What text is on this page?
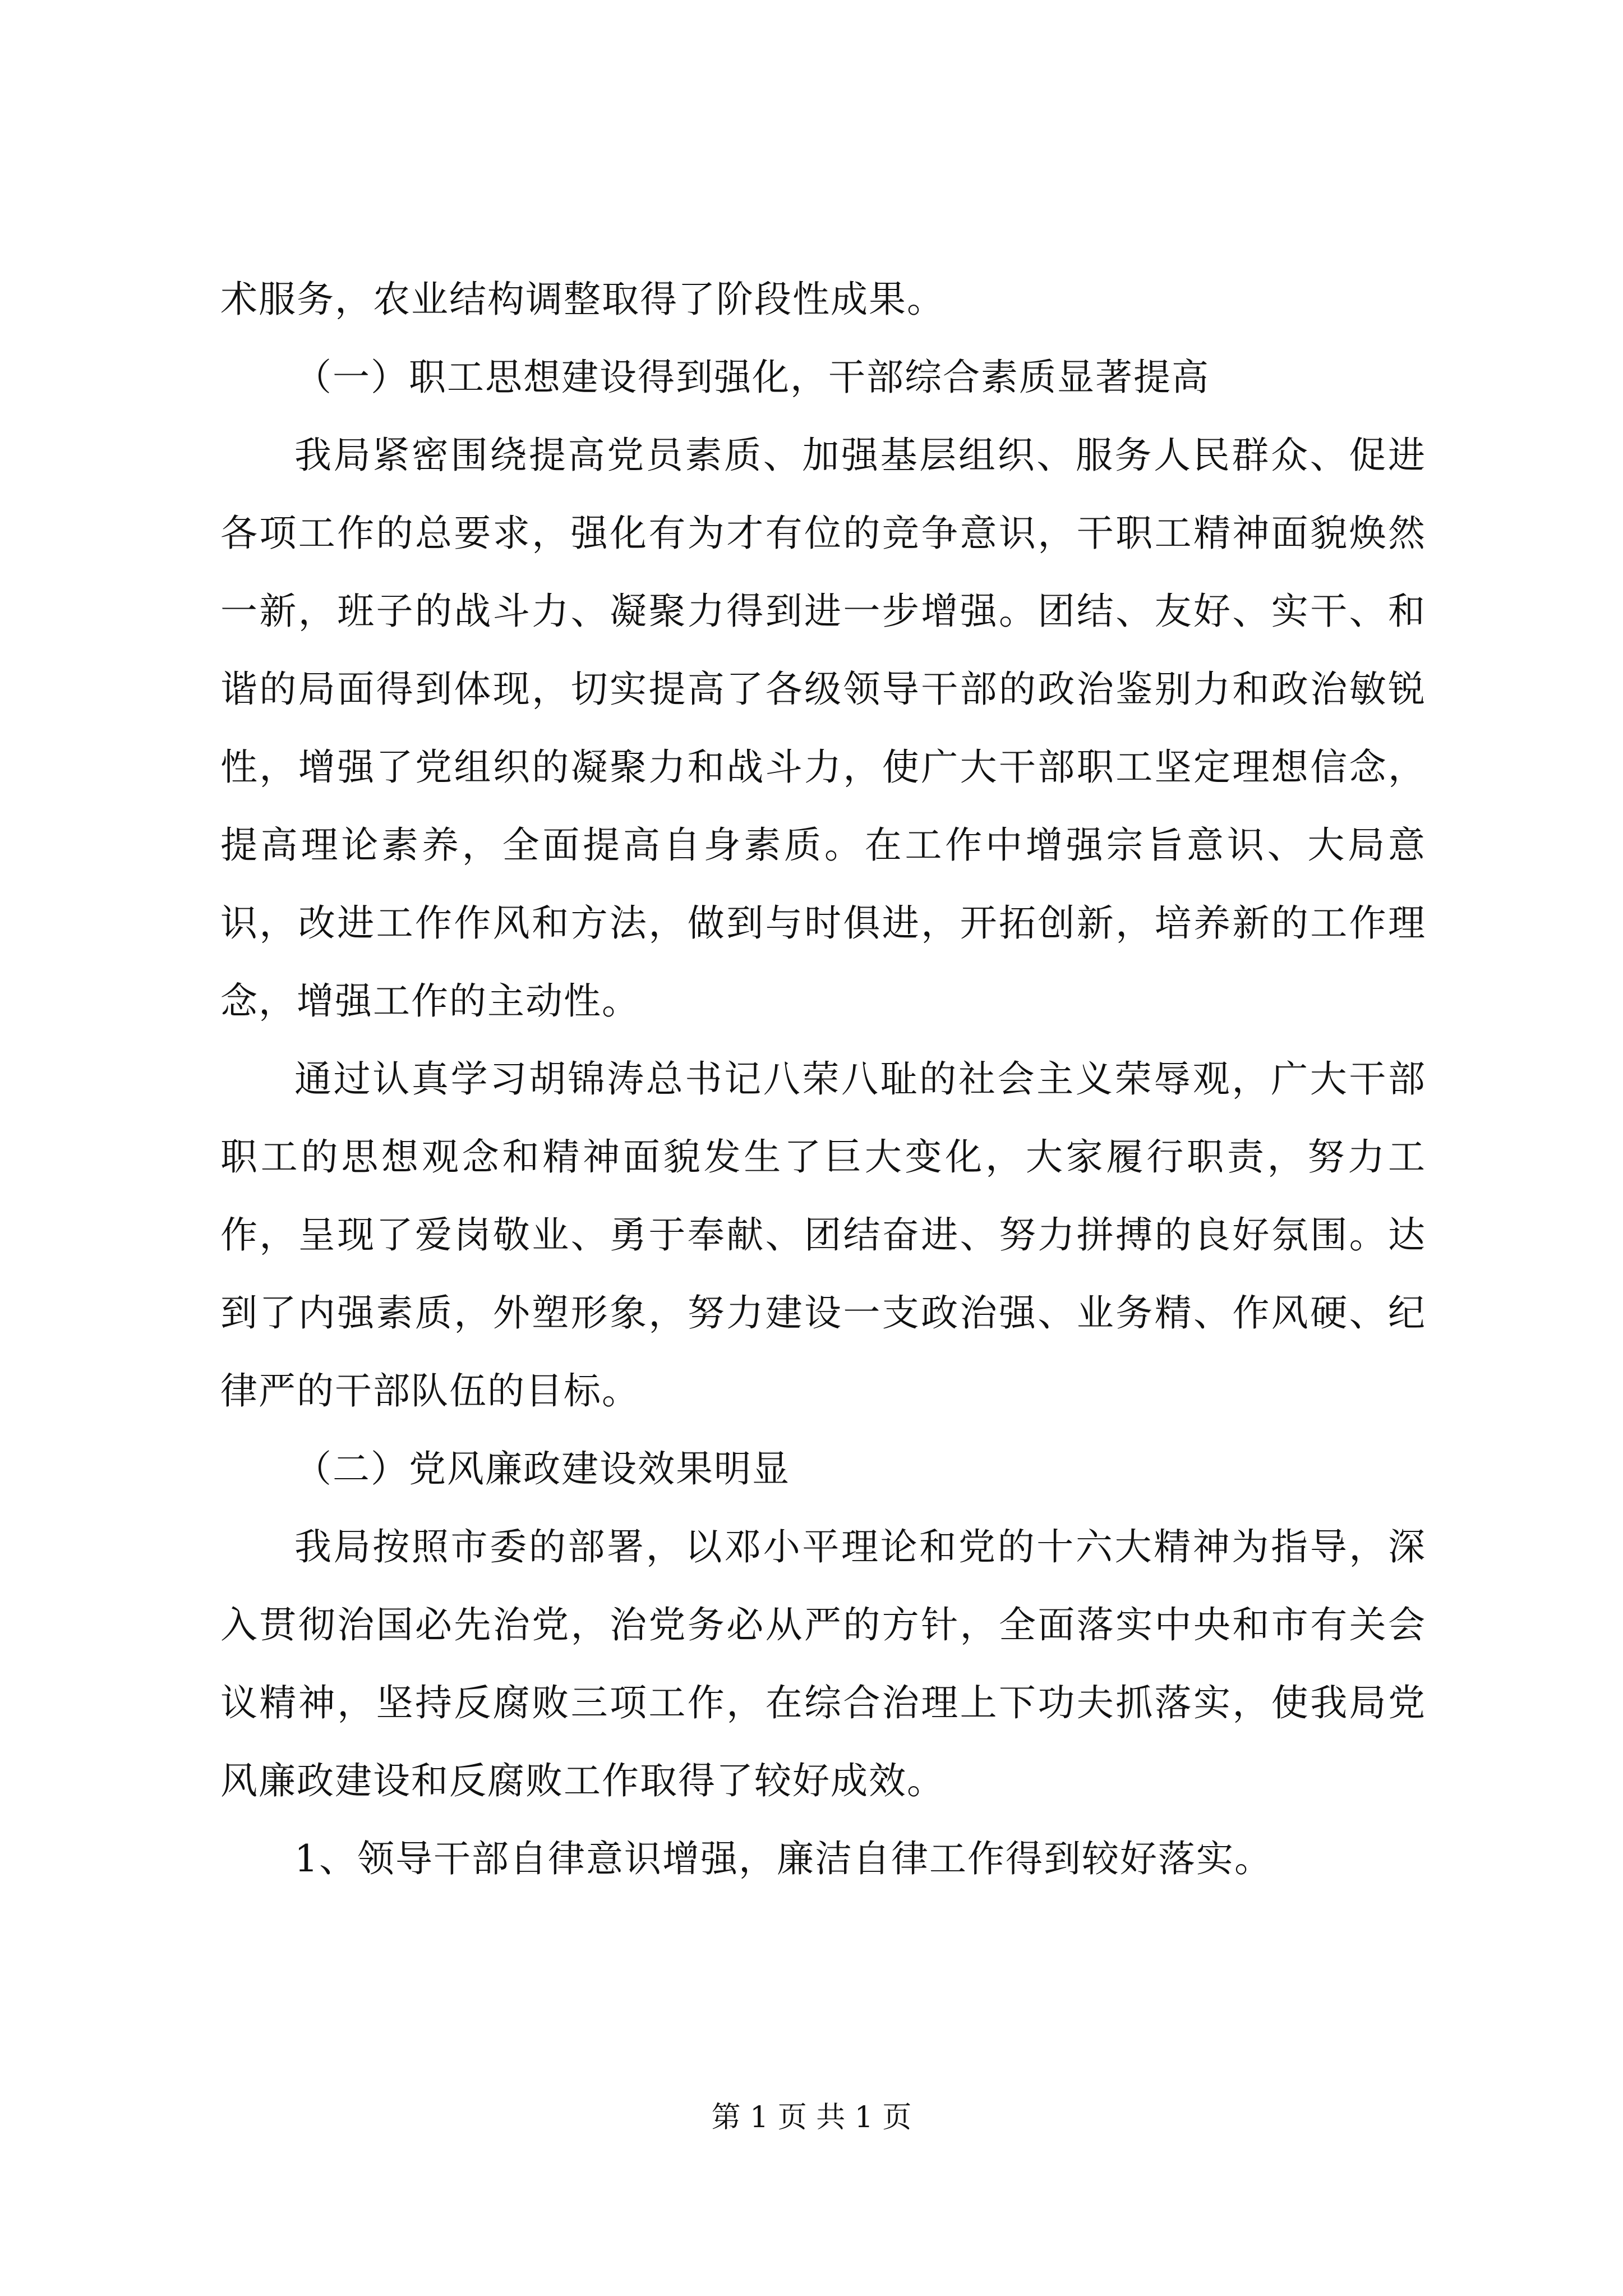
术服务，农业结构调整取得了阶段性成果。

（一）职工思想建设得到强化，干部综合素质显著提高

我局紧密围绕提高党员素质、加强基层组织、服务人民群众、促进各项工作的总要求，强化有为才有位的竞争意识，干职工精神面貌焕然一新，班子的战斗力、凝聚力得到进一步增强。团结、友好、实干、和谐的局面得到体现，切实提高了各级领导干部的政治鉴别力和政治敏锐性，增强了党组织的凝聚力和战斗力，使广大干部职工坚定理想信念，提高理论素养，全面提高自身素质。在工作中增强宗旨意识、大局意识，改进工作作风和方法，做到与时俱进，开拓创新，培养新的工作理念，增强工作的主动性。

通过认真学习胡锦涛总书记八荣八耻的社会主义荣辱观，广大干部职工的思想观念和精神面貌发生了巨大变化，大家履行职责，努力工作，呈现了爱岗敬业、勇于奉献、团结奋进、努力拼搏的良好氛围。达到了内强素质，外塑形象，努力建设一支政治强、业务精、作风硬、纪律严的干部队伍的目标。

（二）党风廉政建设效果明显

我局按照市委的部署，以邓小平理论和党的十六大精神为指导，深入贯彻治国必先治党，治党务必从严的方针，全面落实中央和市有关会议精神，坚持反腐败三项工作，在综合治理上下功夫抓落实，使我局党风廉政建设和反腐败工作取得了较好成效。

1、领导干部自律意识增强，廉洁自律工作得到较好落实。

第 1 页 共 1 页
